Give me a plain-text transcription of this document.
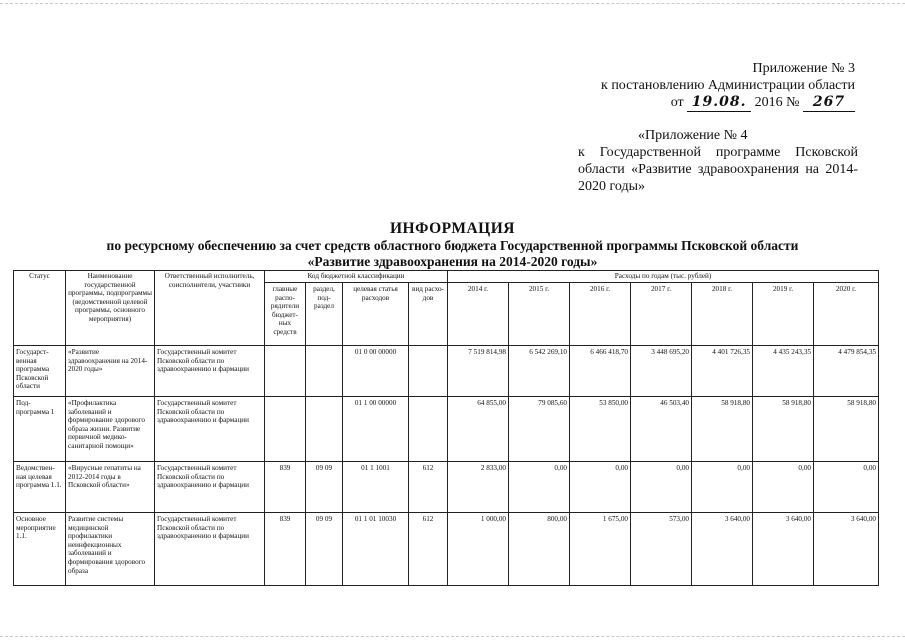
Приложение № 3
к постановлению Администрации области
от 19.08. 2016 № 267
«Приложение № 4
к Государственной программе Псковской области «Развитие здравоохранения на 2014-2020 годы»
ИНФОРМАЦИЯ
по ресурсному обеспечению за счет средств областного бюджета Государственной программы Псковской области
«Развитие здравоохранения на 2014-2020 годы»
Статус	Наименование государственной программы, подпрограммы (ведомственной целевой программы, основного мероприятия)	Ответственный исполнитель, соисполнители, участники	Код бюджетной классификации				Расходы по годам (тыс. рублей)						
			главные распо-рядители бюджет-ных средств	раздел, под-раздел	целевая статья расходов	вид расхо-дов	2014 г.	2015 г.	2016 г.	2017 г.	2018 г.	2019 г.	2020 г.
Государст-венная программа Псковской области	«Развитие здравоохранения на 2014-2020 годы»	Государственный комитет Псковской области по здравоохранению и фармации			01 0 00 00000		7 519 814,98	6 542 269,10	6 466 418,70	3 448 695,20	4 401 726,35	4 435 243,35	4 479 854,35
Под-программа 1	«Профилактика заболеваний и формирование здорового образа жизни. Развитие первичной медико-санитарной помощи»	Государственный комитет Псковской области по здравоохранению и фармации			01 1 00 00000		64 855,00	79 085,60	53 850,00	46 503,40	58 918,80	58 918,80	58 918,80
Ведомствен-ная целевая программа 1.1.	«Вирусные гепатиты на 2012-2014 годы в Псковской области»	Государственный комитет Псковской области по здравоохранению и фармации	839	09 09	01 1 1001	612	2 833,00	0,00	0,00	0,00	0,00	0,00	0,00
Основное мероприятие 1.1.	Развитие системы медицинской профилактики неинфекционных заболеваний и формирования здорового образа	Государственный комитет Псковской области по здравоохранению и фармации	839	09 09	01 1 01 10030	612	1 000,00	800,00	1 675,00	573,00	3 640,00	3 640,00	3 640,00
